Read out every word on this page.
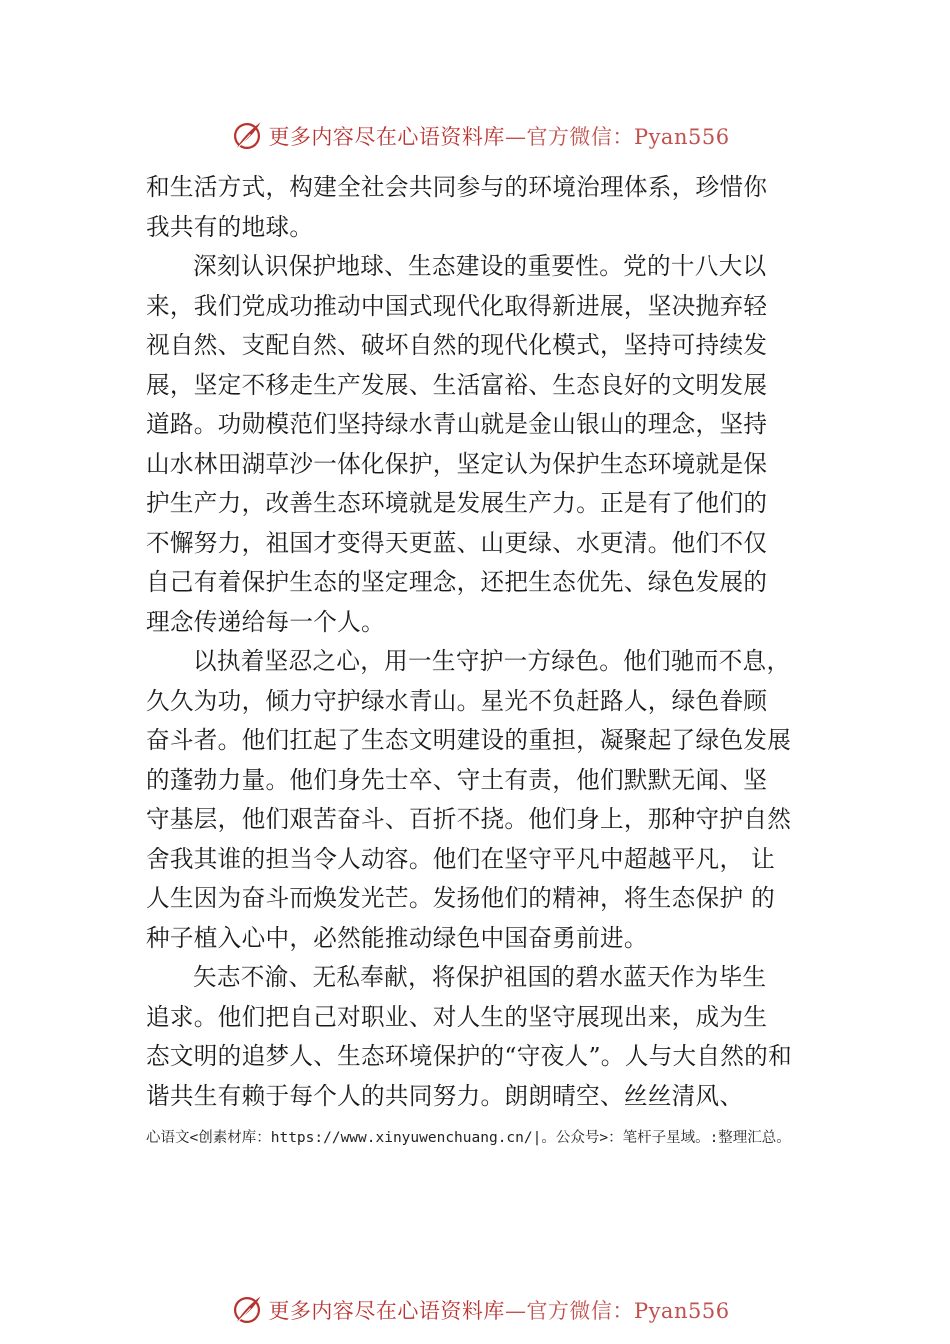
更多内容尽在心语资料库—官方微信：Pyan556
和生活方式，构建全社会共同参与的环境治理体系，珍惜你
我共有的地球。
深刻认识保护地球、生态建设的重要性。党的十八大以
来，我们党成功推动中国式现代化取得新进展，坚决抛弃轻
视自然、支配自然、破坏自然的现代化模式，坚持可持续发
展，坚定不移走生产发展、生活富裕、生态良好的文明发展
道路。功勋模范们坚持绿水青山就是金山银山的理念，坚持
山水林田湖草沙一体化保护，坚定认为保护生态环境就是保
护生产力，改善生态环境就是发展生产力。正是有了他们的
不懈努力，祖国才变得天更蓝、山更绿、水更清。他们不仅
自己有着保护生态的坚定理念，还把生态优先、绿色发展的
理念传递给每一个人。
以执着坚忍之心，用一生守护一方绿色。他们驰而不息，
久久为功，倾力守护绿水青山。星光不负赶路人，绿色眷顾
奋斗者。他们扛起了生态文明建设的重担，凝聚起了绿色发展
的蓬勃力量。他们身先士卒、守土有责，他们默默无闻、坚
守基层，他们艰苦奋斗、百折不挠。他们身上，那种守护自然
舍我其谁的担当令人动容。他们在坚守平凡中超越平凡， 让
人生因为奋斗而焕发光芒。发扬他们的精神，将生态保护 的
种子植入心中，必然能推动绿色中国奋勇前进。
矢志不渝、无私奉献，将保护祖国的碧水蓝天作为毕生
追求。他们把自己对职业、对人生的坚守展现出来，成为生
态文明的追梦人、生态环境保护的“守夜人”。人与大自然的和
谐共生有赖于每个人的共同努力。朗朗晴空、丝丝清风、
心语文<创素材库：https://www.xinyuwenchuang.cn/|。公众号>：笔杆子星域。:整理汇总。
更多内容尽在心语资料库—官方微信：Pyan556
